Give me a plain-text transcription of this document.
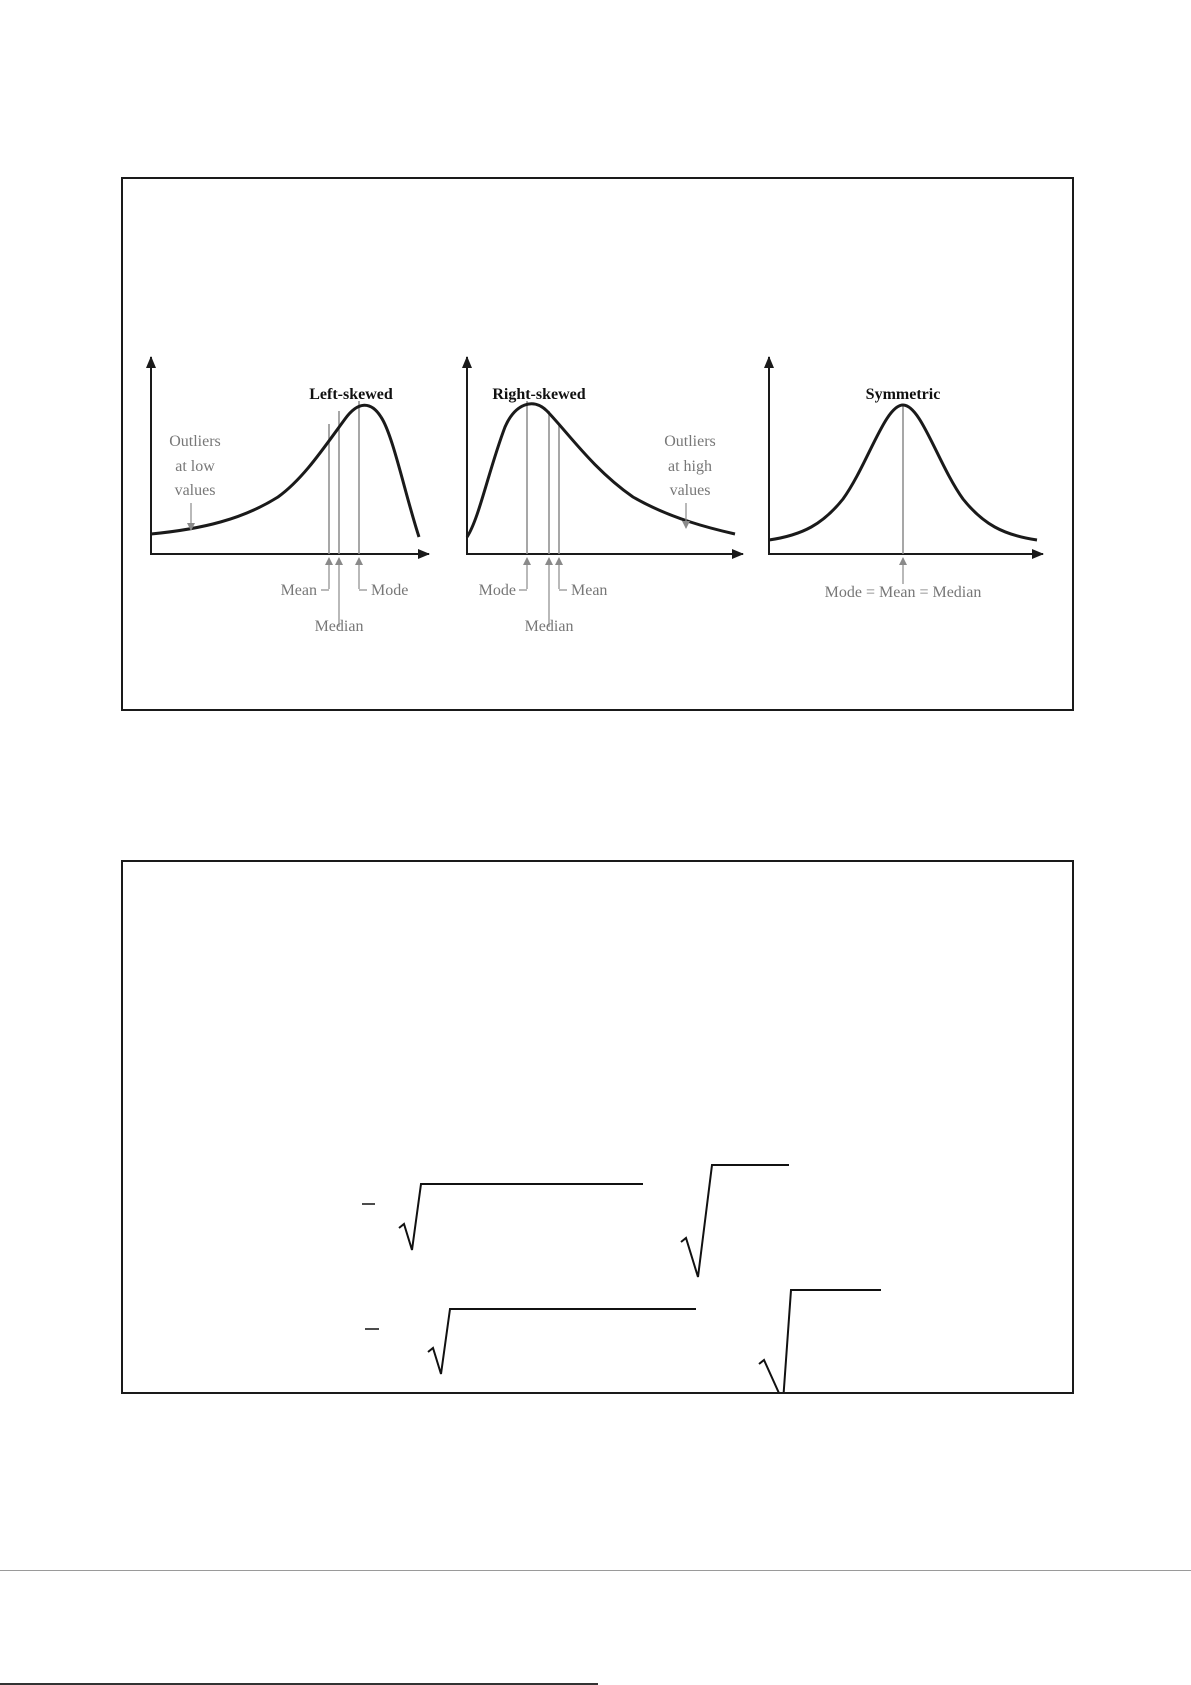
Left-skewed
Outliers
at low
values
Mean
Median
Mode
Right-skewed
Outliers
at high
values
Mode
Median
Mean
Symmetric
Mode = Mean = Median
